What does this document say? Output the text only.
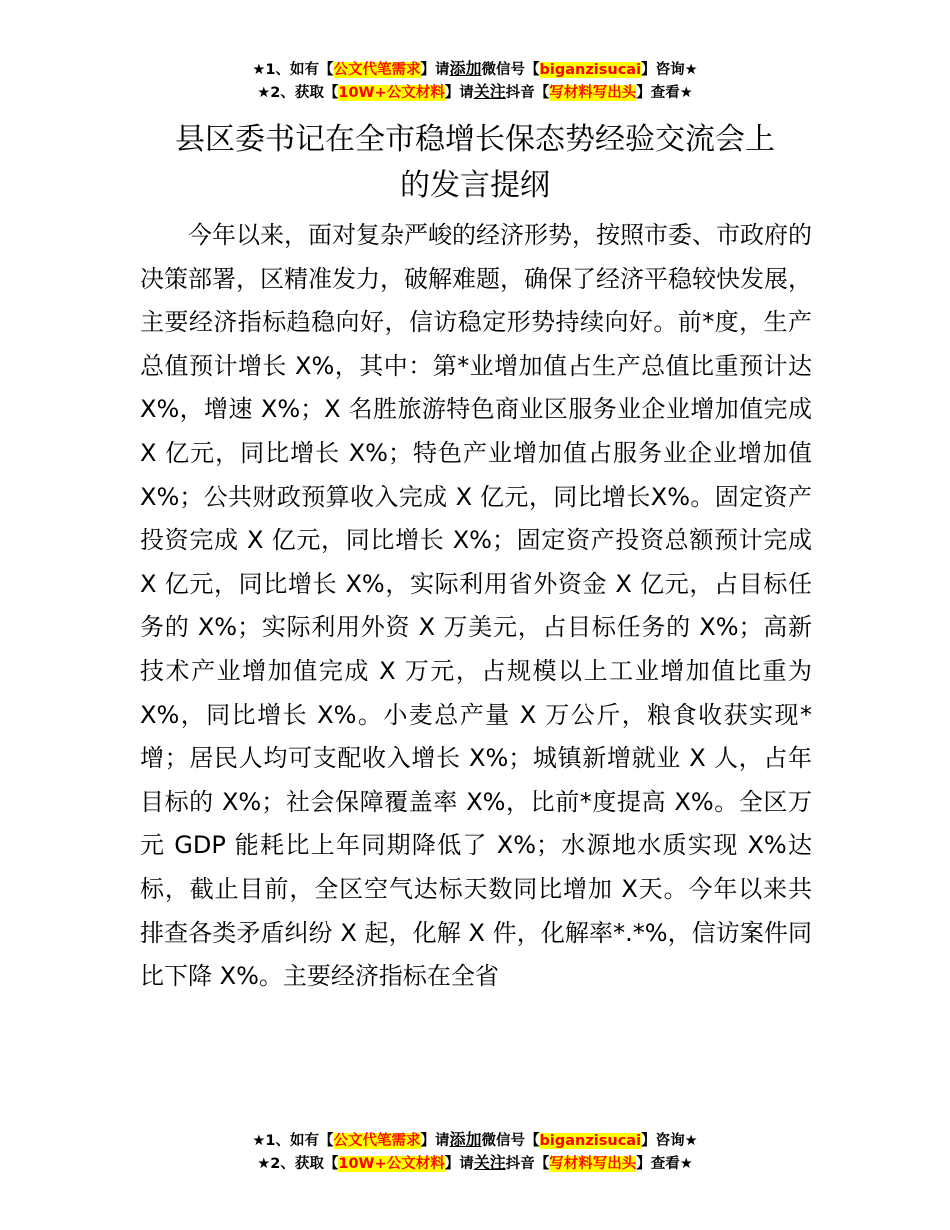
★1、如有【公文代笔需求】请添加微信号【biganzisucai】咨询★
★2、获取【10W+公文材料】请关注抖音【写材料写出头】查看★
县区委书记在全市稳增长保态势经验交流会上
的发言提纲

今年以来，面对复杂严峻的经济形势，按照市委、市政府的决策部署，区精准发力，破解难题，确保了经济平稳较快发展，主要经济指标趋稳向好，信访稳定形势持续向好。前*度，生产总值预计增长 X%，其中：第*业增加值占生产总值比重预计达 X%，增速 X%；X 名胜旅游特色商业区服务业企业增加值完成 X 亿元，同比增长 X%；特色产业增加值占服务业企业增加值 X%；公共财政预算收入完成 X 亿元，同比增长X%。固定资产投资完成 X 亿元，同比增长 X%；固定资产投资总额预计完成 X 亿元，同比增长 X%，实际利用省外资金 X 亿元，占目标任务的 X%；实际利用外资 X 万美元，占目标任务的 X%；高新技术产业增加值完成 X 万元，占规模以上工业增加值比重为 X%，同比增长 X%。小麦总产量 X 万公斤，粮食收获实现*增；居民人均可支配收入增长 X%；城镇新增就业 X 人，占年目标的 X%；社会保障覆盖率 X%，比前*度提高 X%。全区万元 GDP 能耗比上年同期降低了 X%；水源地水质实现 X%达标，截止目前，全区空气达标天数同比增加 X天。今年以来共排查各类矛盾纠纷 X 起，化解 X 件，化解率*.*%，信访案件同比下降 X%。主要经济指标在全省

★1、如有【公文代笔需求】请添加微信号【biganzisucai】咨询★
★2、获取【10W+公文材料】请关注抖音【写材料写出头】查看★
